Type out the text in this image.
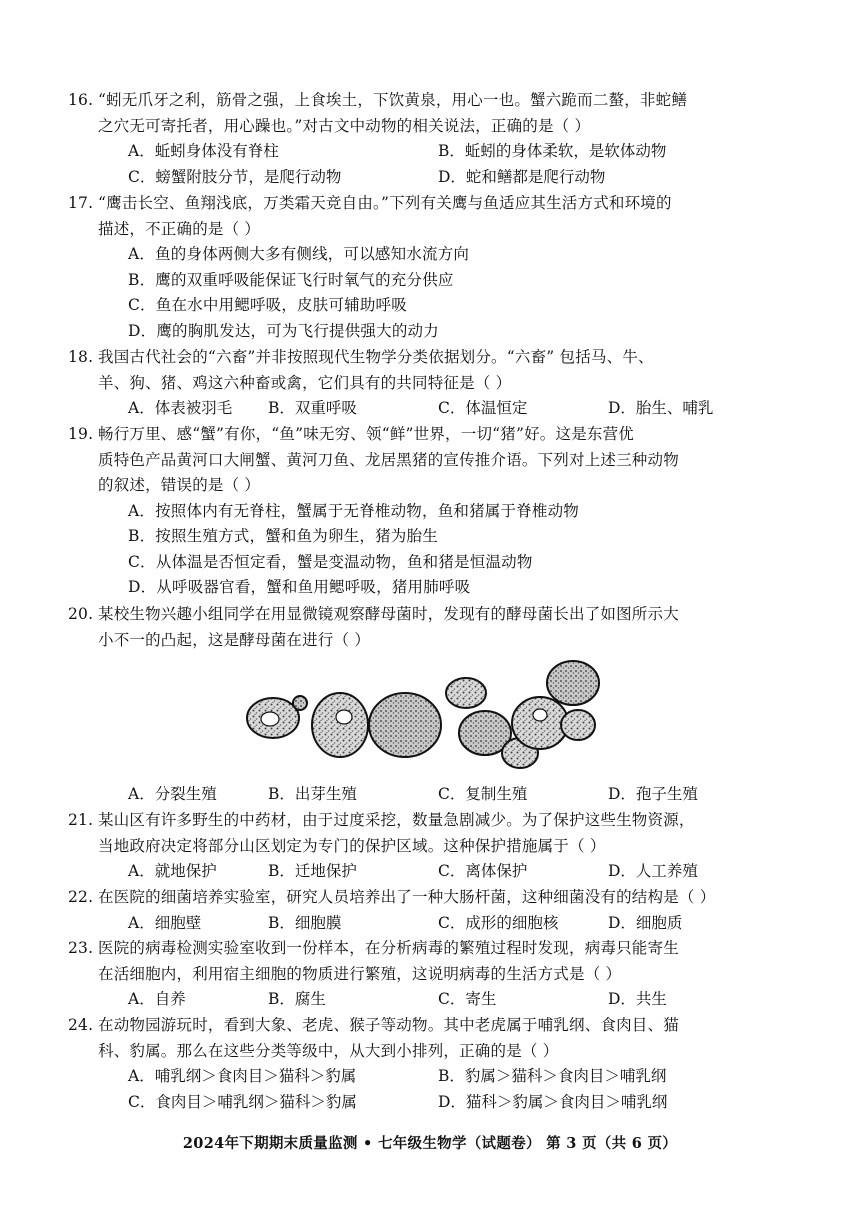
16. “蚓无爪牙之利，筋骨之强，上食埃土，下饮黄泉，用心一也。蟹六跪而二螯，非蛇鳝
之穴无可寄托者，用心躁也。”对古文中动物的相关说法，正确的是（ ）
A．蚯蚓身体没有脊柱	B．蚯蚓的身体柔软，是软体动物
C．螃蟹附肢分节，是爬行动物	D．蛇和鳝都是爬行动物
17. “鹰击长空、鱼翔浅底，万类霜天竞自由。”下列有关鹰与鱼适应其生活方式和环境的
描述，不正确的是（ ）
A．鱼的身体两侧大多有侧线，可以感知水流方向
B．鹰的双重呼吸能保证飞行时氧气的充分供应
C．鱼在水中用鳃呼吸，皮肤可辅助呼吸
D．鹰的胸肌发达，可为飞行提供强大的动力
18. 我国古代社会的“六畜”并非按照现代生物学分类依据划分。“六畜” 包括马、牛、
羊、狗、猪、鸡这六种畜或禽，它们具有的共同特征是（ ）
A．体表被羽毛	B．双重呼吸	C．体温恒定	D．胎生、哺乳
19. 畅行万里、感“蟹”有你，“鱼”味无穷、领“鲜”世界，一切“猪”好。这是东营优
质特色产品黄河口大闸蟹、黄河刀鱼、龙居黑猪的宣传推介语。下列对上述三种动物
的叙述，错误的是（ ）
A．按照体内有无脊柱，蟹属于无脊椎动物，鱼和猪属于脊椎动物
B．按照生殖方式，蟹和鱼为卵生，猪为胎生
C．从体温是否恒定看，蟹是变温动物，鱼和猪是恒温动物
D．从呼吸器官看，蟹和鱼用鳃呼吸，猪用肺呼吸
20. 某校生物兴趣小组同学在用显微镜观察酵母菌时，发现有的酵母菌长出了如图所示大
小不一的凸起，这是酵母菌在进行（ ）
A．分裂生殖	B．出芽生殖	C．复制生殖	D．孢子生殖
21. 某山区有许多野生的中药材，由于过度采挖，数量急剧减少。为了保护这些生物资源，
当地政府决定将部分山区划定为专门的保护区域。这种保护措施属于（ ）
A．就地保护	B．迁地保护	C．离体保护	D．人工养殖
22. 在医院的细菌培养实验室，研究人员培养出了一种大肠杆菌，这种细菌没有的结构是（ ）
A．细胞壁	B．细胞膜	C．成形的细胞核	D．细胞质
23. 医院的病毒检测实验室收到一份样本，在分析病毒的繁殖过程时发现，病毒只能寄生
在活细胞内，利用宿主细胞的物质进行繁殖，这说明病毒的生活方式是（ ）
A．自养	B．腐生	C．寄生	D．共生
24. 在动物园游玩时，看到大象、老虎、猴子等动物。其中老虎属于哺乳纲、食肉目、猫
科、豹属。那么在这些分类等级中，从大到小排列，正确的是（ ）
A．哺乳纲＞食肉目＞猫科＞豹属	B．豹属＞猫科＞食肉目＞哺乳纲
C．食肉目＞哺乳纲＞猫科＞豹属	D．猫科＞豹属＞食肉目＞哺乳纲
2024年下期期末质量监测 • 七年级生物学（试题卷） 第 3 页（共 6 页）
